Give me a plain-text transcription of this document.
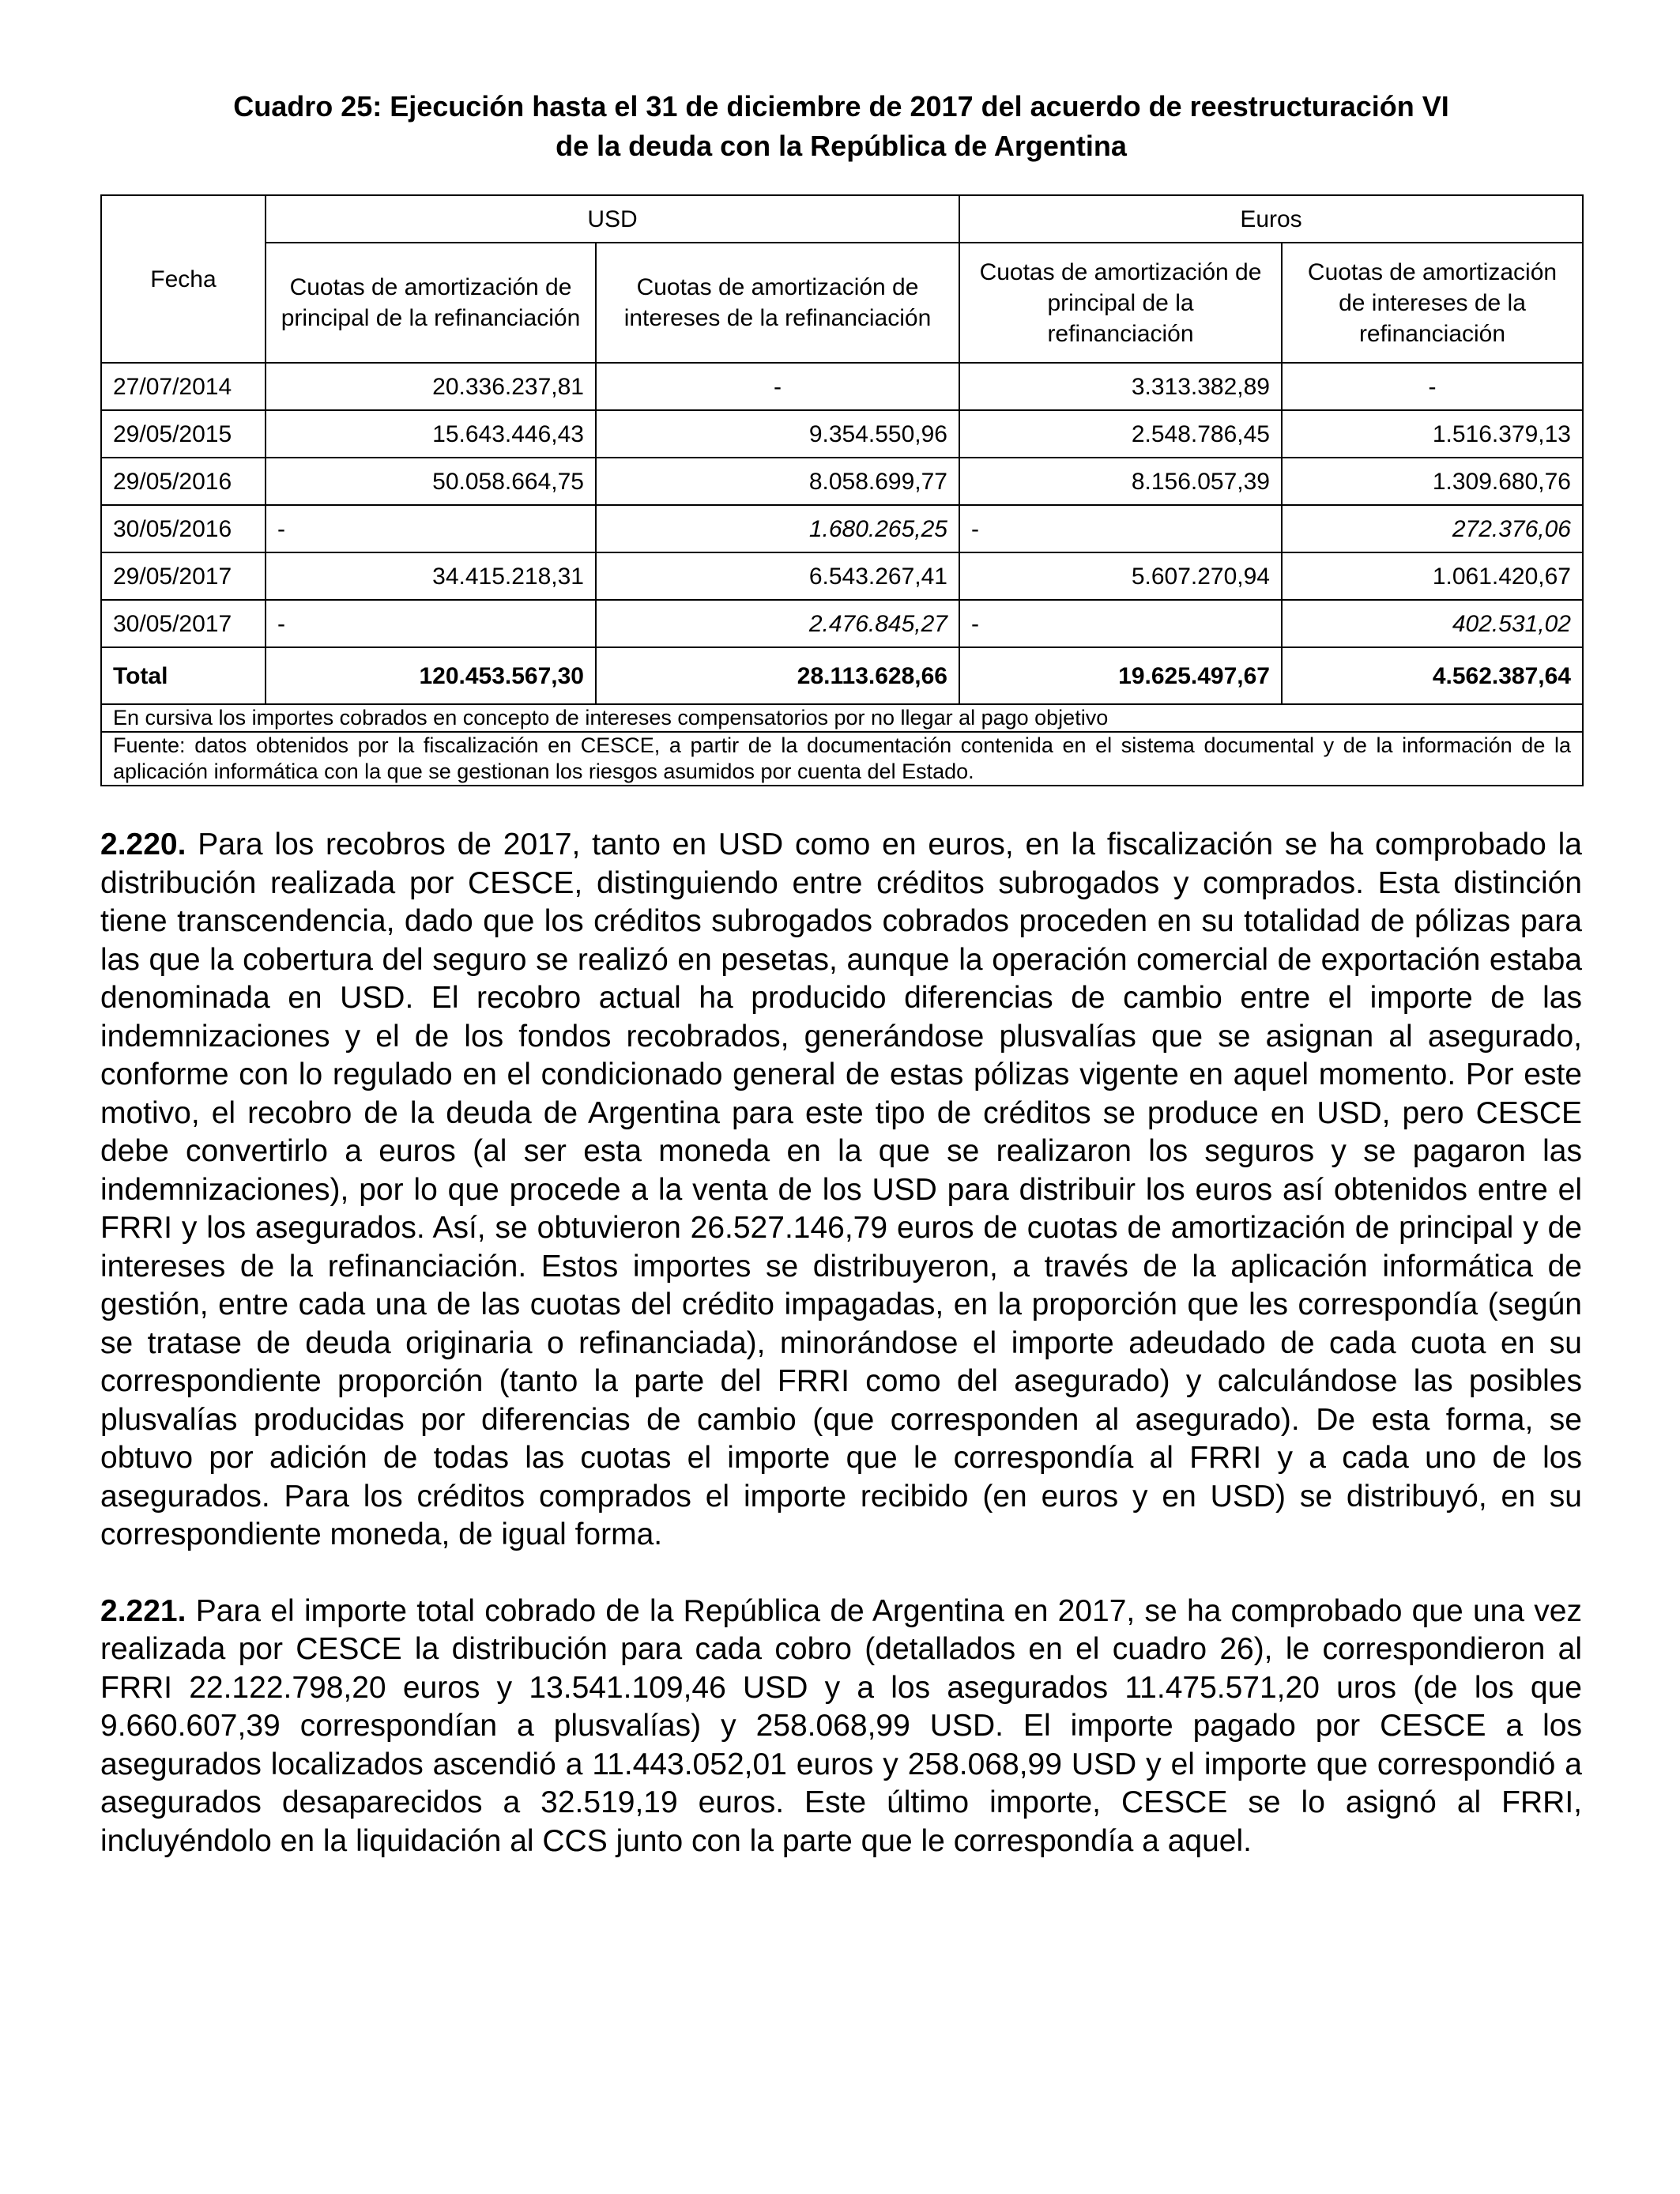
Cuadro 25: Ejecución hasta el 31 de diciembre de 2017 del acuerdo de reestructuración VI
de la deuda con la República de Argentina
Fecha	USD		Euros	
	Cuotas de amortización de principal de la refinanciación	Cuotas de amortización de intereses de la refinanciación	Cuotas de amortización de principal de la refinanciación	Cuotas de amortización de intereses de la refinanciación
27/07/2014	20.336.237,81	-	3.313.382,89	-
29/05/2015	15.643.446,43	9.354.550,96	2.548.786,45	1.516.379,13
29/05/2016	50.058.664,75	8.058.699,77	8.156.057,39	1.309.680,76
30/05/2016	-	1.680.265,25	-	272.376,06
29/05/2017	34.415.218,31	6.543.267,41	5.607.270,94	1.061.420,67
30/05/2017	-	2.476.845,27	-	402.531,02
Total	120.453.567,30	28.113.628,66	19.625.497,67	4.562.387,64
En cursiva los importes cobrados en concepto de intereses compensatorios por no llegar al pago objetivo				
Fuente: datos obtenidos por la fiscalización en CESCE, a partir de la documentación contenida en el sistema documental y de la información de la aplicación informática con la que se gestionan los riesgos asumidos por cuenta del Estado.				

2.220. Para los recobros de 2017, tanto en USD como en euros, en la fiscalización se ha comprobado la distribución realizada por CESCE, distinguiendo entre créditos subrogados y comprados. Esta distinción tiene transcendencia, dado que los créditos subrogados cobrados proceden en su totalidad de pólizas para las que la cobertura del seguro se realizó en pesetas, aunque la operación comercial de exportación estaba denominada en USD. El recobro actual ha producido diferencias de cambio entre el importe de las indemnizaciones y el de los fondos recobrados, generándose plusvalías que se asignan al asegurado, conforme con lo regulado en el condicionado general de estas pólizas vigente en aquel momento. Por este motivo, el recobro de la deuda de Argentina para este tipo de créditos se produce en USD, pero CESCE debe convertirlo a euros (al ser esta moneda en la que se realizaron los seguros y se pagaron las indemnizaciones), por lo que procede a la venta de los USD para distribuir los euros así obtenidos entre el FRRI y los asegurados. Así, se obtuvieron 26.527.146,79 euros de cuotas de amortización de principal y de intereses de la refinanciación. Estos importes se distribuyeron, a través de la aplicación informática de gestión, entre cada una de las cuotas del crédito impagadas, en la proporción que les correspondía (según se tratase de deuda originaria o refinanciada), minorándose el importe adeudado de cada cuota en su correspondiente proporción (tanto la parte del FRRI como del asegurado) y calculándose las posibles plusvalías producidas por diferencias de cambio (que corresponden al asegurado). De esta forma, se obtuvo por adición de todas las cuotas el importe que le correspondía al FRRI y a cada uno de los asegurados. Para los créditos comprados el importe recibido (en euros y en USD) se distribuyó, en su correspondiente moneda, de igual forma.

2.221. Para el importe total cobrado de la República de Argentina en 2017, se ha comprobado que una vez realizada por CESCE la distribución para cada cobro (detallados en el cuadro 26), le correspondieron al FRRI 22.122.798,20 euros y 13.541.109,46 USD y a los asegurados 11.475.571,20 uros (de los que 9.660.607,39 correspondían a plusvalías) y 258.068,99 USD. El importe pagado por CESCE a los asegurados localizados ascendió a 11.443.052,01 euros y 258.068,99 USD y el importe que correspondió a asegurados desaparecidos a 32.519,19 euros. Este último importe, CESCE se lo asignó al FRRI, incluyéndolo en la liquidación al CCS junto con la parte que le correspondía a aquel.
